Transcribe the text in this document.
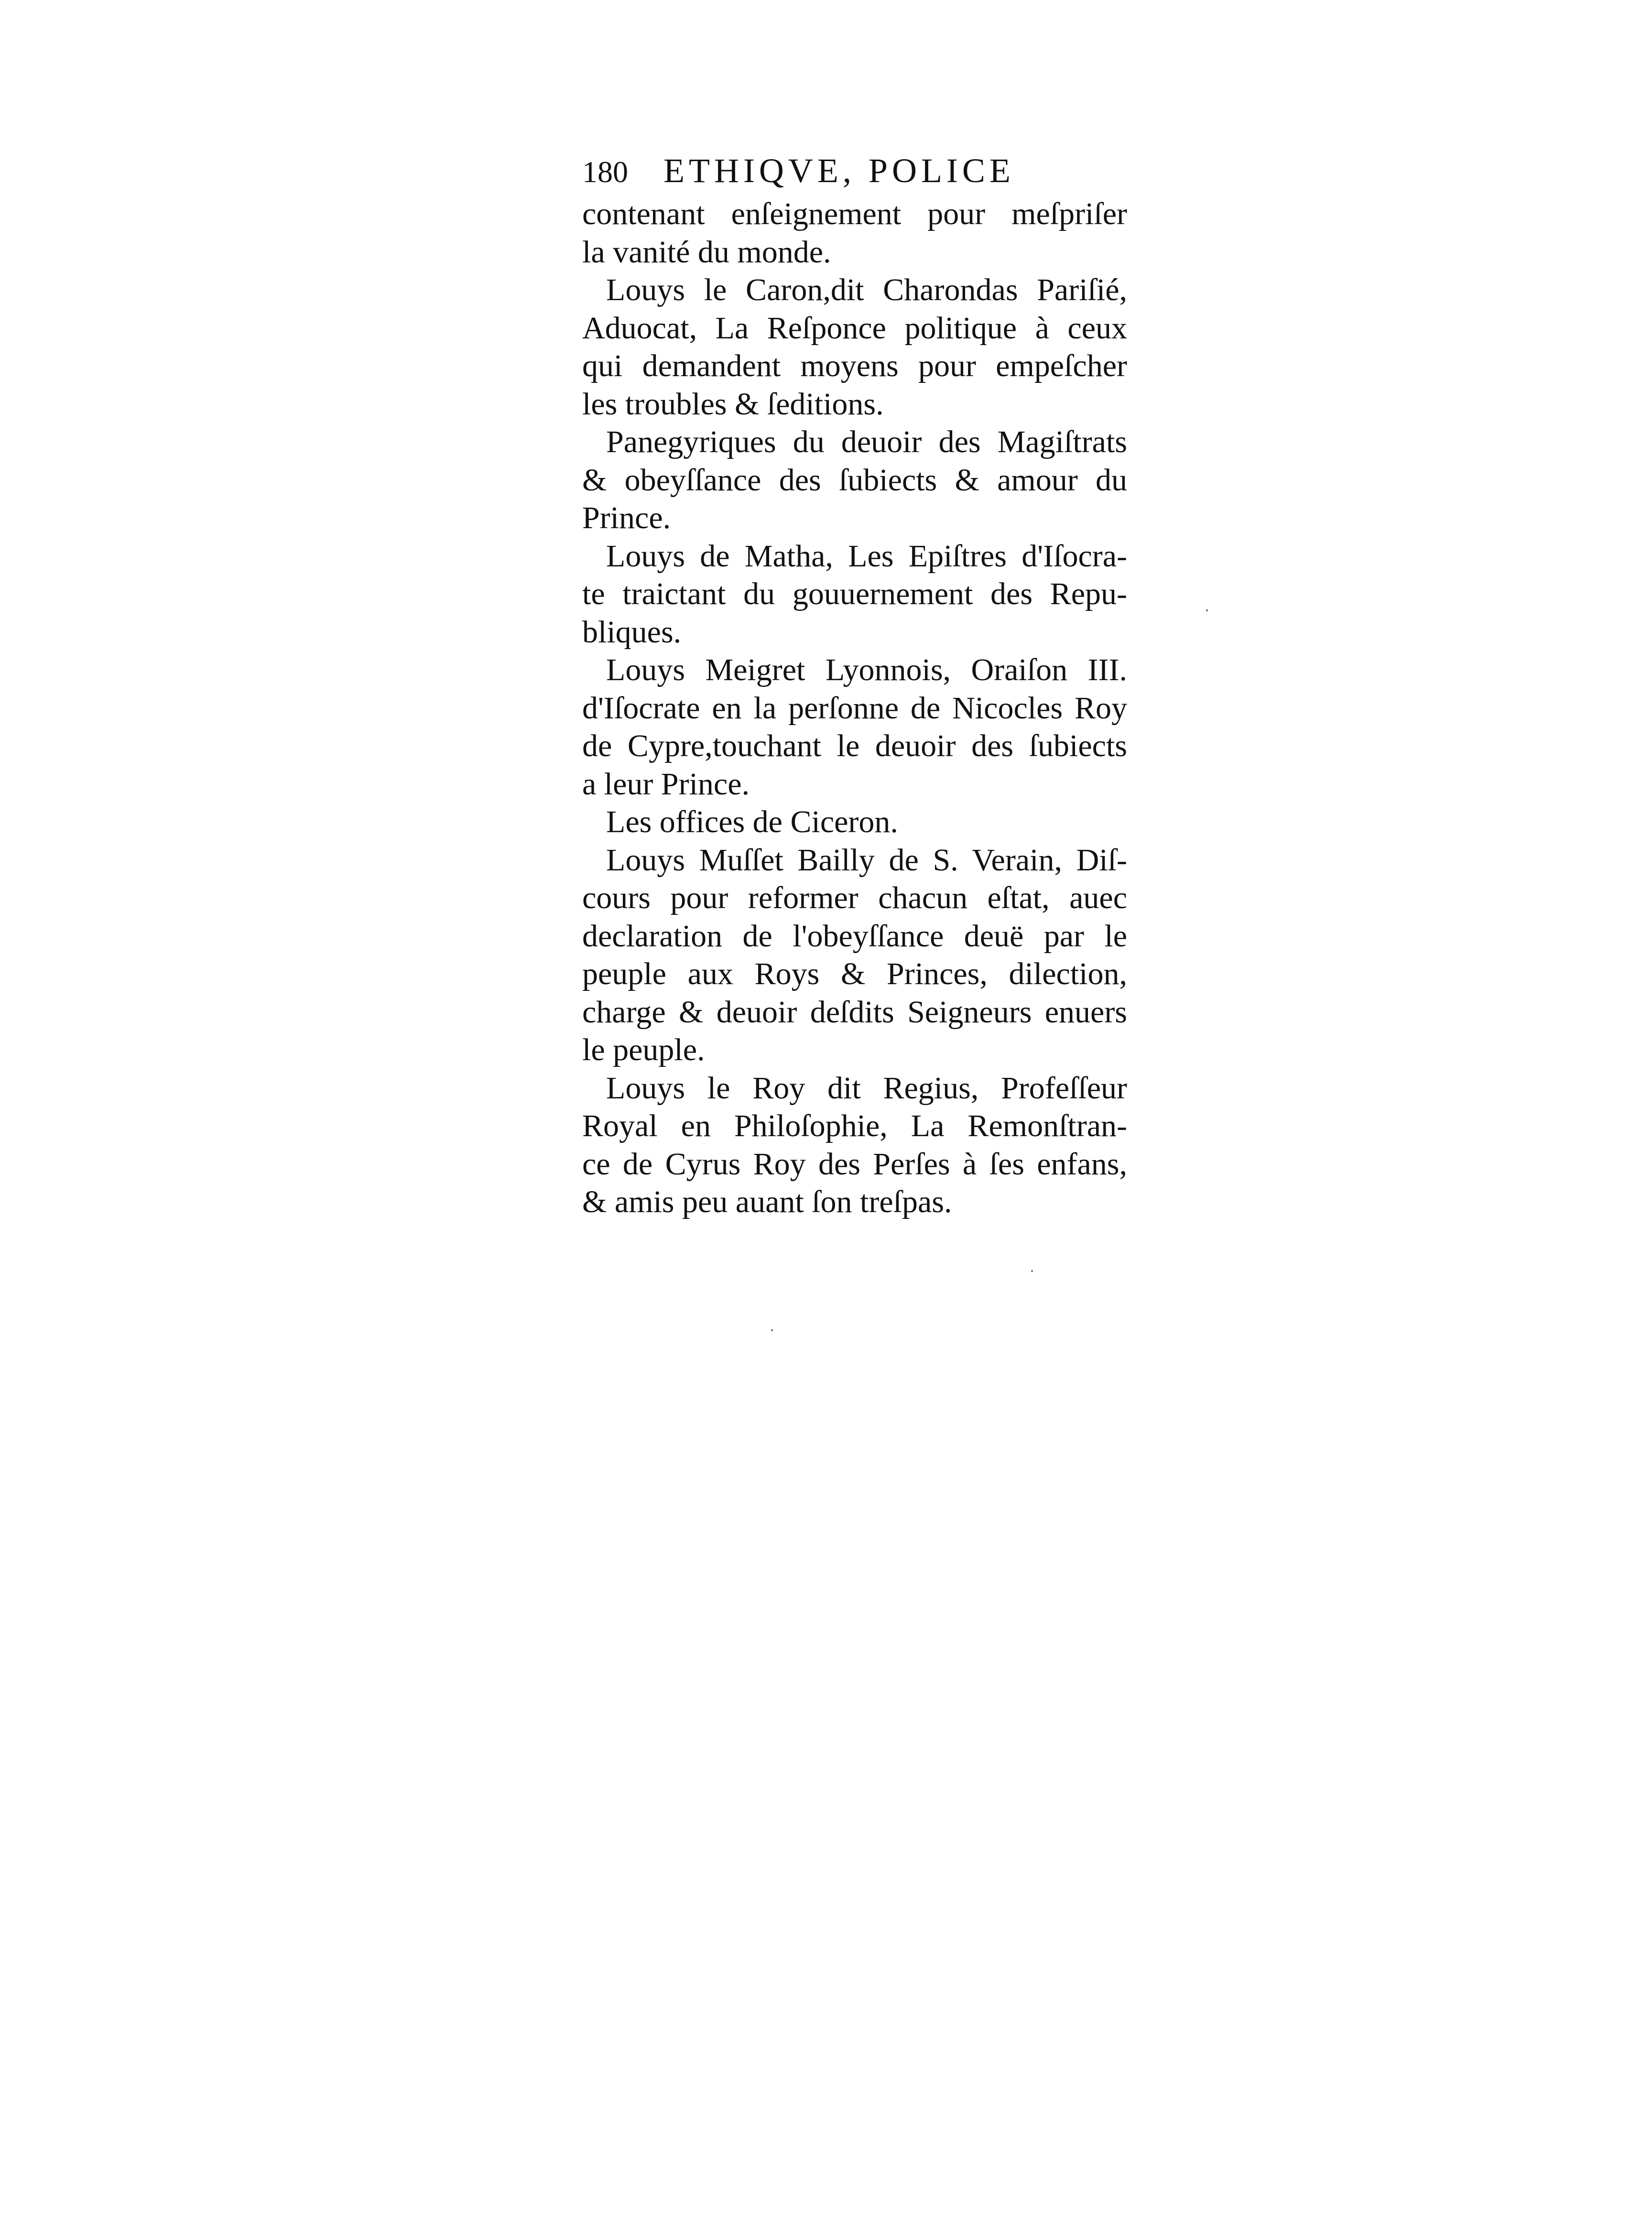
180	ETHIQVE, POLICE
contenant enſeignement pour meſpriſer
la vanité du monde.
Louys le Caron,dit Charondas Pariſié,
Aduocat, La Reſponce politique à ceux
qui demandent moyens pour empeſcher
les troubles & ſeditions.
Panegyriques du deuoir des Magiſtrats
& obeyſſance des ſubiects & amour du
Prince.
Louys de Matha, Les Epiſtres d'Iſocra-
te traictant du gouuernement des Repu-
bliques.
Louys Meigret Lyonnois, Oraiſon III.
d'Iſocrate en la perſonne de Nicocles Roy
de Cypre,touchant le deuoir des ſubiects
a leur Prince.
Les offices de Ciceron.
Louys Muſſet Bailly de S. Verain, Diſ-
cours pour reformer chacun eſtat, auec
declaration de l'obeyſſance deuë par le
peuple aux Roys & Princes, dilection,
charge & deuoir deſdits Seigneurs enuers
le peuple.
Louys le Roy dit Regius, Profeſſeur
Royal en Philoſophie, La Remonſtran-
ce de Cyrus Roy des Perſes à ſes enfans,
& amis peu auant ſon treſpas.
